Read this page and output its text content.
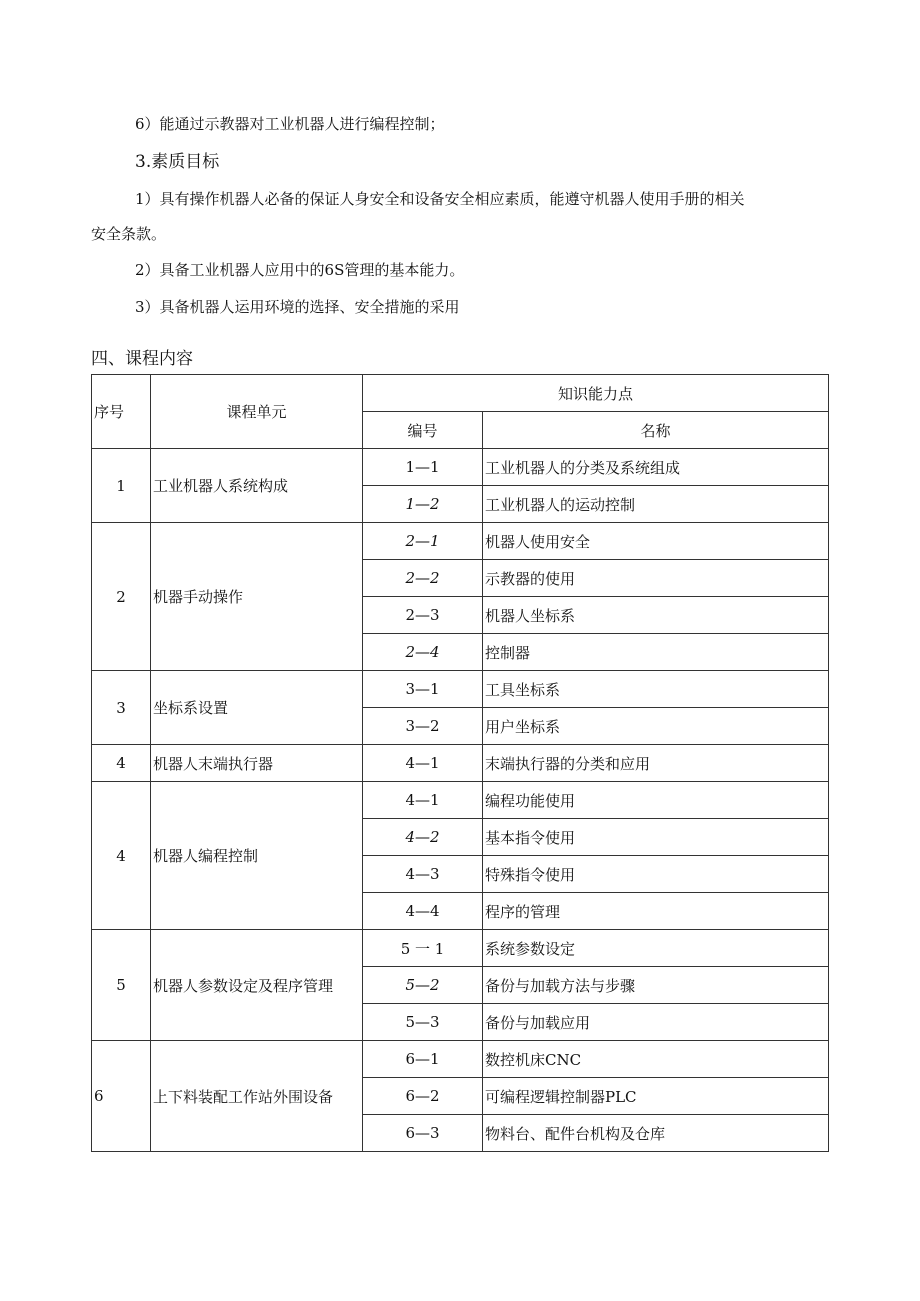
6）能通过示教器对工业机器人进行编程控制；
3.素质目标
1）具有操作机器人必备的保证人身安全和设备安全相应素质，能遵守机器人使用手册的相关
安全条款。
2）具备工业机器人应用中的6S管理的基本能力。
3）具备机器人运用环境的选择、安全措施的采用
四、课程内容
序号	课程单元	知识能力点	
		编号	名称
1	工业机器人系统构成	1—1	工业机器人的分类及系统组成
		1—2	工业机器人的运动控制
2	机器手动操作	2—1	机器人使用安全
		2—2	示教器的使用
		2—3	机器人坐标系
		2—4	控制器
3	坐标系设置	3—1	工具坐标系
		3—2	用户坐标系
4	机器人末端执行器	4—1	末端执行器的分类和应用
4	机器人编程控制	4—1	编程功能使用
		4—2	基本指令使用
		4—3	特殊指令使用
		4—4	程序的管理
5	机器人参数设定及程序管理	5 一 1	系统参数设定
		5—2	备份与加载方法与步骤
		5—3	备份与加载应用
6	上下料装配工作站外围设备	6—1	数控机床CNC
		6—2	可编程逻辑控制器PLC
		6—3	物料台、配件台机构及仓库
